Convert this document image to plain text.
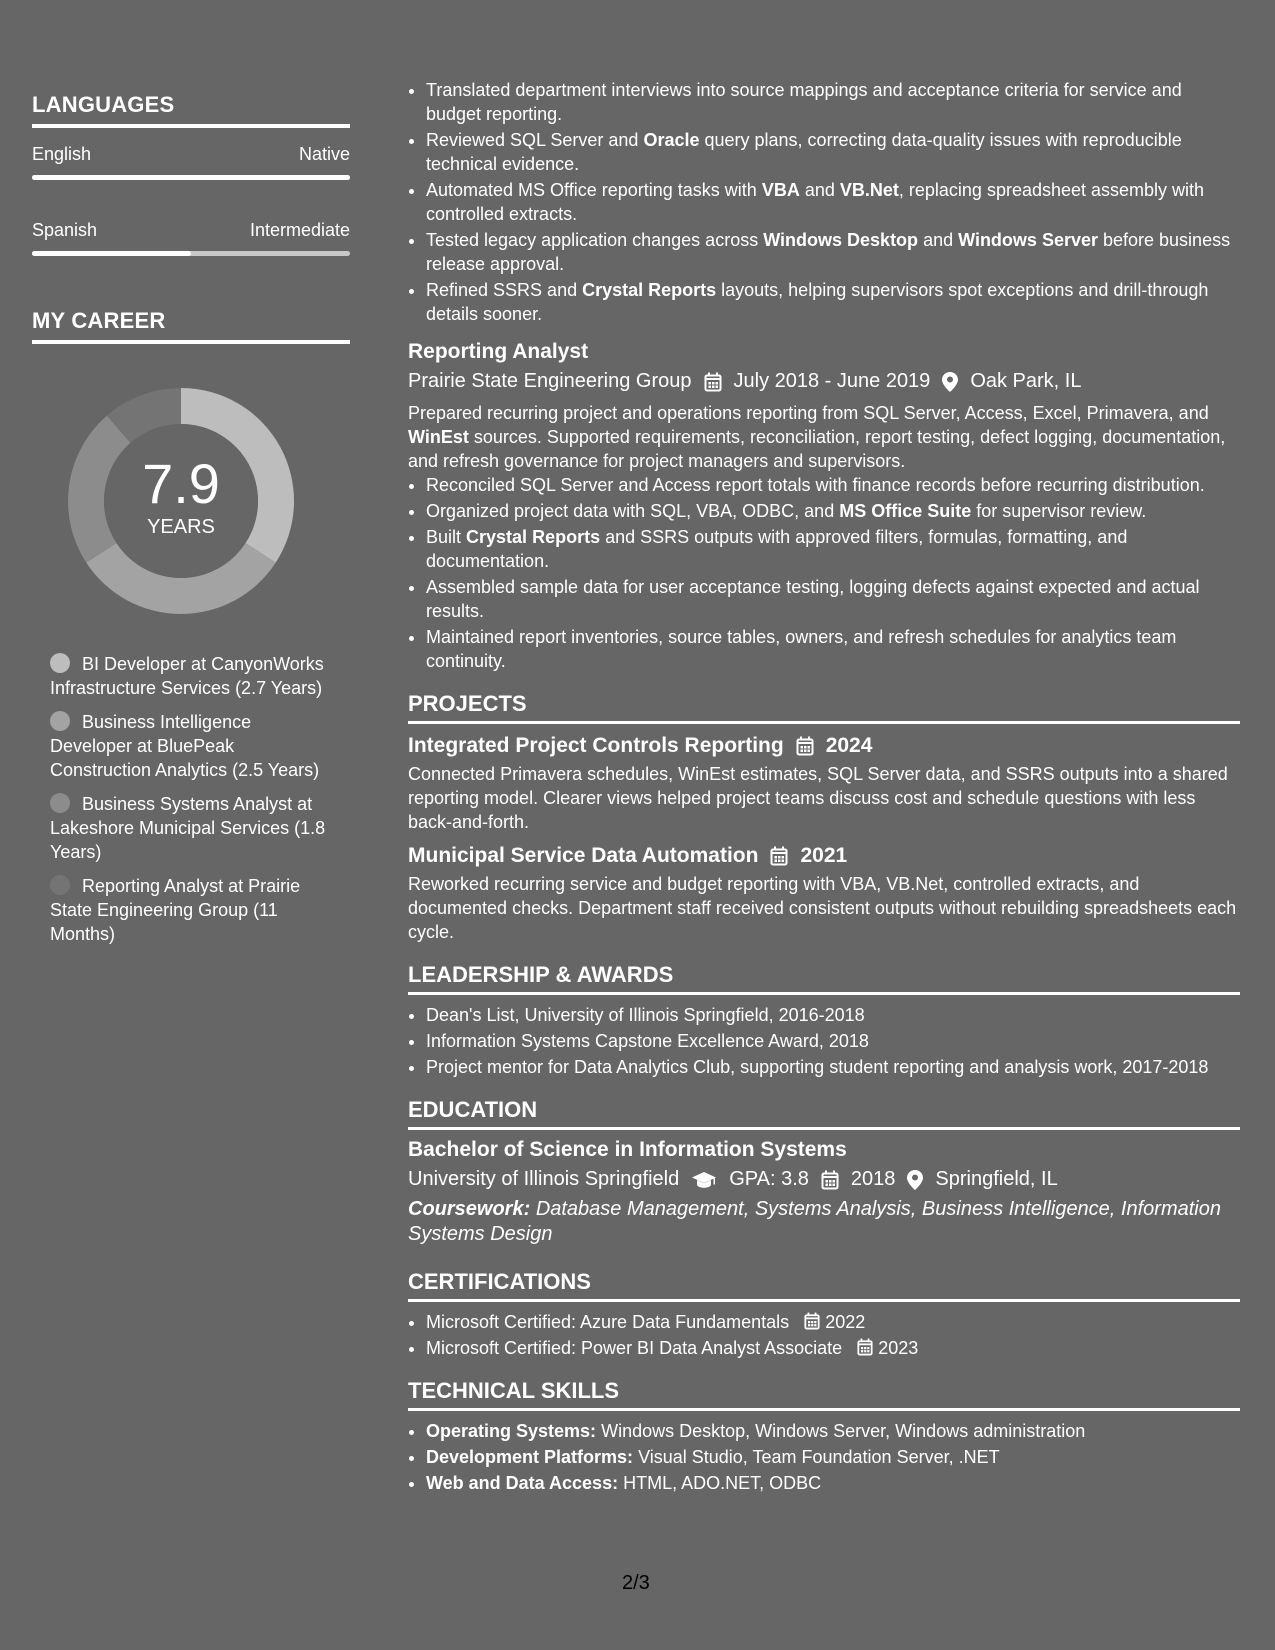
LANGUAGES
English	Native
Spanish	Intermediate
MY CAREER
7.9
YEARS
BI Developer at CanyonWorks Infrastructure Services (2.7 Years)
Business Intelligence Developer at BluePeak Construction Analytics (2.5 Years)
Business Systems Analyst at Lakeshore Municipal Services (1.8 Years)
Reporting Analyst at Prairie State Engineering Group (11 Months)
• Translated department interviews into source mappings and acceptance criteria for service and budget reporting.
• Reviewed SQL Server and Oracle query plans, correcting data-quality issues with reproducible technical evidence.
• Automated MS Office reporting tasks with VBA and VB.Net, replacing spreadsheet assembly with controlled extracts.
• Tested legacy application changes across Windows Desktop and Windows Server before business release approval.
• Refined SSRS and Crystal Reports layouts, helping supervisors spot exceptions and drill-through details sooner.
Reporting Analyst
Prairie State Engineering Group July 2018 - June 2019 Oak Park, IL
Prepared recurring project and operations reporting from SQL Server, Access, Excel, Primavera, and WinEst sources. Supported requirements, reconciliation, report testing, defect logging, documentation, and refresh governance for project managers and supervisors.
• Reconciled SQL Server and Access report totals with finance records before recurring distribution.
• Organized project data with SQL, VBA, ODBC, and MS Office Suite for supervisor review.
• Built Crystal Reports and SSRS outputs with approved filters, formulas, formatting, and documentation.
• Assembled sample data for user acceptance testing, logging defects against expected and actual results.
• Maintained report inventories, source tables, owners, and refresh schedules for analytics team continuity.
PROJECTS
Integrated Project Controls Reporting 2024
Connected Primavera schedules, WinEst estimates, SQL Server data, and SSRS outputs into a shared reporting model. Clearer views helped project teams discuss cost and schedule questions with less back-and-forth.
Municipal Service Data Automation 2021
Reworked recurring service and budget reporting with VBA, VB.Net, controlled extracts, and documented checks. Department staff received consistent outputs without rebuilding spreadsheets each cycle.
LEADERSHIP & AWARDS
• Dean's List, University of Illinois Springfield, 2016-2018
• Information Systems Capstone Excellence Award, 2018
• Project mentor for Data Analytics Club, supporting student reporting and analysis work, 2017-2018
EDUCATION
Bachelor of Science in Information Systems
University of Illinois Springfield	GPA: 3.8 2018 Springfield, IL
Coursework: Database Management, Systems Analysis, Business Intelligence, Information Systems Design
CERTIFICATIONS
• Microsoft Certified: Azure Data Fundamentals 2022
• Microsoft Certified: Power BI Data Analyst Associate 2023
TECHNICAL SKILLS
• Operating Systems: Windows Desktop, Windows Server, Windows administration
• Development Platforms: Visual Studio, Team Foundation Server, .NET
• Web and Data Access: HTML, ADO.NET, ODBC
2/3
